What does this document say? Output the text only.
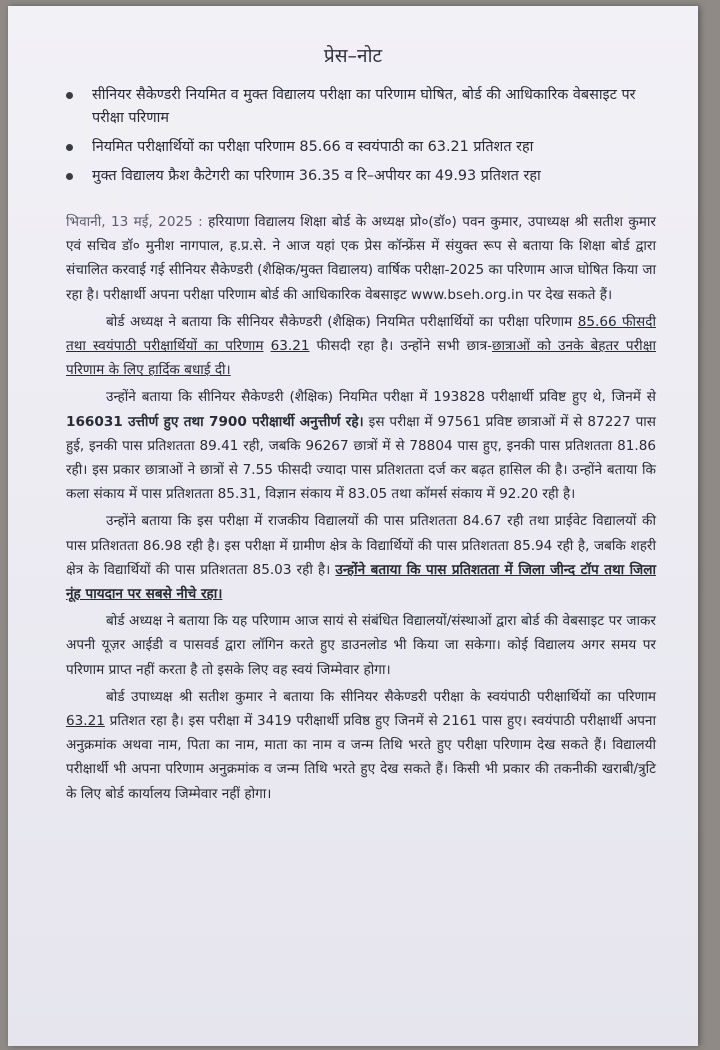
प्रेस–नोट
सीनियर सैकेण्डरी नियमित व मुक्त विद्यालय परीक्षा का परिणाम घोषित, बोर्ड की आधिकारिक वेबसाइट पर परीक्षा परिणाम
नियमित परीक्षार्थियों का परीक्षा परिणाम 85.66 व स्वयंपाठी का 63.21 प्रतिशत रहा
मुक्त विद्यालय फ्रैश कैटेगरी का परिणाम 36.35 व रि–अपीयर का 49.93 प्रतिशत रहा

भिवानी, 13 मई, 2025 : हरियाणा विद्यालय शिक्षा बोर्ड के अध्यक्ष प्रो०(डॉ०) पवन कुमार, उपाध्यक्ष श्री सतीश कुमार एवं सचिव डॉ० मुनीश नागपाल, ह.प्र.से. ने आज यहां एक प्रेस कॉन्फ्रेंस में संयुक्त रूप से बताया कि शिक्षा बोर्ड द्वारा संचालित करवाई गई सीनियर सैकेण्डरी (शैक्षिक/मुक्त विद्यालय) वार्षिक परीक्षा-2025 का परिणाम आज घोषित किया जा रहा है। परीक्षार्थी अपना परीक्षा परिणाम बोर्ड की आधिकारिक वेबसाइट www.bseh.org.in पर देख सकते हैं।

बोर्ड अध्यक्ष ने बताया कि सीनियर सैकेण्डरी (शैक्षिक) नियमित परीक्षार्थियों का परीक्षा परिणाम 85.66 फीसदी तथा स्वयंपाठी परीक्षार्थियों का परिणाम 63.21 फीसदी रहा है। उन्होंने सभी छात्र-छात्राओं को उनके बेहतर परीक्षा परिणाम के लिए हार्दिक बधाई दी।

उन्होंने बताया कि सीनियर सैकेण्डरी (शैक्षिक) नियमित परीक्षा में 193828 परीक्षार्थी प्रविष्ट हुए थे, जिनमें से 166031 उत्तीर्ण हुए तथा 7900 परीक्षार्थी अनुत्तीर्ण रहे। इस परीक्षा में 97561 प्रविष्ट छात्राओं में से 87227 पास हुई, इनकी पास प्रतिशतता 89.41 रही, जबकि 96267 छात्रों में से 78804 पास हुए, इनकी पास प्रतिशतता 81.86 रही। इस प्रकार छात्राओं ने छात्रों से 7.55 फीसदी ज्यादा पास प्रतिशतता दर्ज कर बढ़त हासिल की है। उन्होंने बताया कि कला संकाय में पास प्रतिशतता 85.31, विज्ञान संकाय में 83.05 तथा कॉमर्स संकाय में 92.20 रही है।

उन्होंने बताया कि इस परीक्षा में राजकीय विद्यालयों की पास प्रतिशतता 84.67 रही तथा प्राईवेट विद्यालयों की पास प्रतिशतता 86.98 रही है। इस परीक्षा में ग्रामीण क्षेत्र के विद्यार्थियों की पास प्रतिशतता 85.94 रही है, जबकि शहरी क्षेत्र के विद्यार्थियों की पास प्रतिशतता 85.03 रही है। उन्होंने बताया कि पास प्रतिशतता में जिला जीन्द टॉप तथा जिला नूंह पायदान पर सबसे नीचे रहा।

बोर्ड अध्यक्ष ने बताया कि यह परिणाम आज सायं से संबंधित विद्यालयों/संस्थाओं द्वारा बोर्ड की वेबसाइट पर जाकर अपनी यूज़र आईडी व पासवर्ड द्वारा लॉगिन करते हुए डाउनलोड भी किया जा सकेगा। कोई विद्यालय अगर समय पर परिणाम प्राप्त नहीं करता है तो इसके लिए वह स्वयं जिम्मेवार होगा।

बोर्ड उपाध्यक्ष श्री सतीश कुमार ने बताया कि सीनियर सैकेण्डरी परीक्षा के स्वयंपाठी परीक्षार्थियों का परिणाम 63.21 प्रतिशत रहा है। इस परीक्षा में 3419 परीक्षार्थी प्रविष्ठ हुए जिनमें से 2161 पास हुए। स्वयंपाठी परीक्षार्थी अपना अनुक्रमांक अथवा नाम, पिता का नाम, माता का नाम व जन्म तिथि भरते हुए परीक्षा परिणाम देख सकते हैं। विद्यालयी परीक्षार्थी भी अपना परिणाम अनुक्रमांक व जन्म तिथि भरते हुए देख सकते हैं। किसी भी प्रकार की तकनीकी खराबी/त्रुटि के लिए बोर्ड कार्यालय जिम्मेवार नहीं होगा।
